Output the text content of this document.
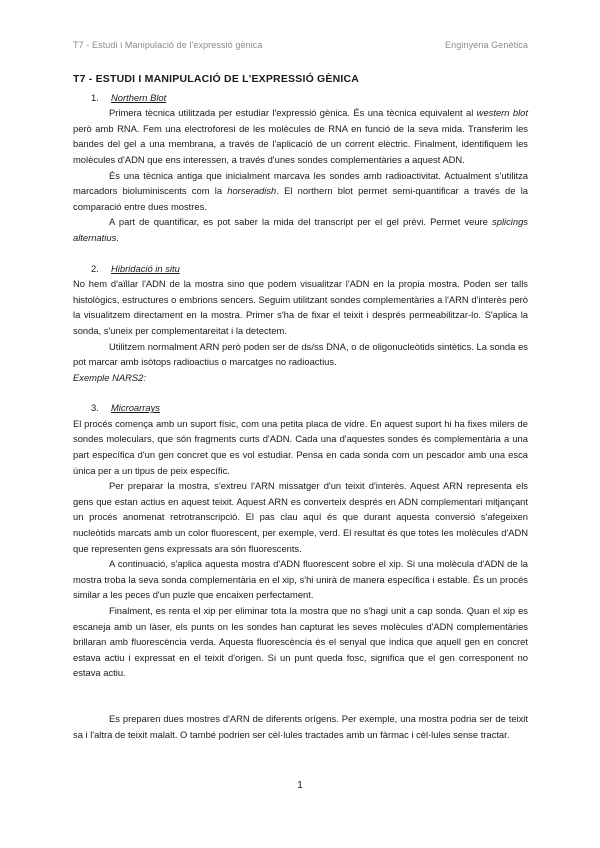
T7 - Estudi i Manipulació de l'expressió gènica	Enginyeria Genètica
T7 - ESTUDI I MANIPULACIÓ DE L'EXPRESSIÓ GÈNICA
1. Northern Blot

Primera tècnica utilitzada per estudiar l'expressió gènica. És una tècnica equivalent al western blot però amb RNA. Fem una electroforesi de les molècules de RNA en funció de la seva mida. Transferim les bandes del gel a una membrana, a través de l'aplicació de un corrent elèctric. Finalment, identifiquem les molècules d'ADN que ens interessen, a través d'unes sondes complementàries a aquest ADN.

És una tècnica antiga que inicialment marcava les sondes amb radioactivitat. Actualment s'utilitza marcadors bioluminiscents com la horseradish. El northern blot permet semi-quantificar a través de la comparació entre dues mostres.

A part de quantificar, es pot saber la mida del transcript per el gel prèvi. Permet veure splicings alternatius.

2. Hibridació in situ

No hem d'aïllar l'ADN de la mostra sino que podem visualitzar l'ADN en la propia mostra. Poden ser talls histològics, estructures o embrions sencers. Seguim utilitzant sondes complementàries a l'ARN d'interès però la visualitzem directament en la mostra. Primer s'ha de fixar el teixit i després permeabilitzar-lo. S'aplica la sonda, s'uneix per complementareitat i la detectem.

Utilitzem normalment ARN però poden ser de ds/ss DNA, o de oligonucleòtids sintètics. La sonda es pot marcar amb isòtops radioactius o marcatges no radioactius.

Exemple NARS2:

3. Microarrays

El procés comença amb un suport físic, com una petita placa de vidre. En aquest suport hi ha fixes milers de sondes moleculars, que són fragments curts d'ADN. Cada una d'aquestes sondes és complementària a una part específica d'un gen concret que es vol estudiar. Pensa en cada sonda com un pescador amb una esca única per a un tipus de peix específic.

Per preparar la mostra, s'extreu l'ARN missatger d'un teixit d'interès. Aquest ARN representa els gens que estan actius en aquest teixit. Aquest ARN es converteix després en ADN complementari mitjançant un procés anomenat retrotranscripció. El pas clau aquí és que durant aquesta conversió s'afegeixen nucleòtids marcats amb un color fluorescent, per exemple, verd. El resultat és que totes les molècules d'ADN que representen gens expressats ara són fluorescents.

A continuació, s'aplica aquesta mostra d'ADN fluorescent sobre el xip. Si una molècula d'ADN de la mostra troba la seva sonda complementària en el xip, s'hi unirà de manera específica i estable. És un procés similar a les peces d'un puzle que encaixen perfectament.

Finalment, es renta el xip per eliminar tota la mostra que no s'hagi unit a cap sonda. Quan el xip es escaneja amb un làser, els punts on les sondes han capturat les seves molècules d'ADN complementàries brillaran amb fluorescència verda. Aquesta fluorescència és el senyal que indica que aquell gen en concret estava actiu i expressat en el teixit d'origen. Si un punt queda fosc, significa que el gen corresponent no estava actiu.

Es preparen dues mostres d'ARN de diferents orígens. Per exemple, una mostra podria ser de teixit sa i l'altra de teixit malalt. O també podrien ser cèl·lules tractades amb un fàrmac i cèl·lules sense tractar.

1
